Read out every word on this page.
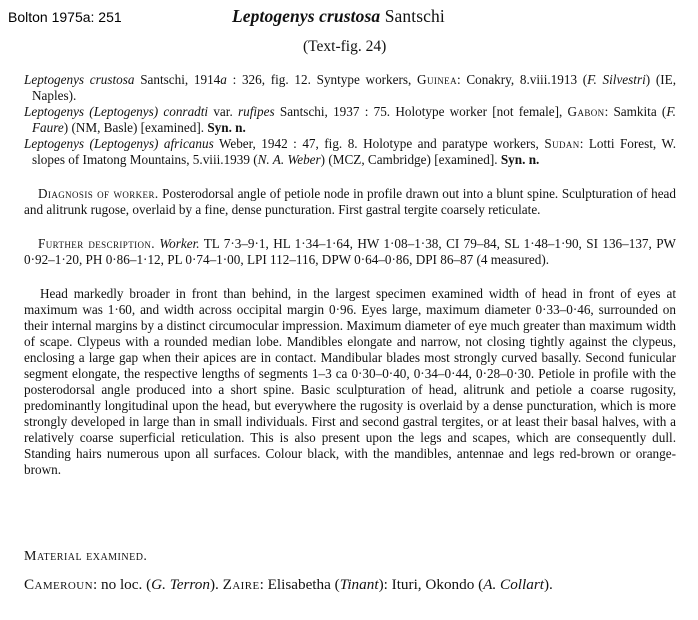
Bolton 1975a: 251	Leptogenys crustosa Santschi
(Text-fig. 24)

Leptogenys crustosa Santschi, 1914a : 326, fig. 12. Syntype workers, Guinea: Conakry, 8.viii.1913 (F. Silvestri) (IE, Naples).

Leptogenys (Leptogenys) conradti var. rufipes Santschi, 1937 : 75. Holotype worker [not female], Gabon: Samkita (F. Faure) (NM, Basle) [examined]. Syn. n.

Leptogenys (Leptogenys) africanus Weber, 1942 : 47, fig. 8. Holotype and paratype workers, Sudan: Lotti Forest, W. slopes of Imatong Mountains, 5.viii.1939 (N. A. Weber) (MCZ, Cambridge) [examined]. Syn. n.

Diagnosis of worker. Posterodorsal angle of petiole node in profile drawn out into a blunt spine. Sculpturation of head and alitrunk rugose, overlaid by a fine, dense puncturation. First gastral tergite coarsely reticulate.

Further description. Worker. TL 7·3–9·1, HL 1·34–1·64, HW 1·08–1·38, CI 79–84, SL 1·48–1·90, SI 136–137, PW 0·92–1·20, PH 0·86–1·12, PL 0·74–1·00, LPI 112–116, DPW 0·64–0·86, DPI 86–87 (4 measured).

Head markedly broader in front than behind, in the largest specimen examined width of head in front of eyes at maximum was 1·60, and width across occipital margin 0·96. Eyes large, maximum diameter 0·33–0·46, surrounded on their internal margins by a distinct circumocular impression. Maximum diameter of eye much greater than maximum width of scape. Clypeus with a rounded median lobe. Mandibles elongate and narrow, not closing tightly against the clypeus, enclosing a large gap when their apices are in contact. Mandibular blades most strongly curved basally. Second funicular segment elongate, the respective lengths of segments 1–3 ca 0·30–0·40, 0·34–0·44, 0·28–0·30. Petiole in profile with the posterodorsal angle produced into a short spine. Basic sculpturation of head, alitrunk and petiole a coarse rugosity, predominantly longitudinal upon the head, but everywhere the rugosity is overlaid by a dense puncturation, which is more strongly developed in large than in small individuals. First and second gastral tergites, or at least their basal halves, with a relatively coarse superficial reticulation. This is also present upon the legs and scapes, which are consequently dull. Standing hairs numerous upon all surfaces. Colour black, with the mandibles, antennae and legs red-brown or orange-brown.

Material examined.
Cameroun: no loc. (G. Terron). Zaire: Elisabetha (Tinant): Ituri, Okondo (A. Collart).
